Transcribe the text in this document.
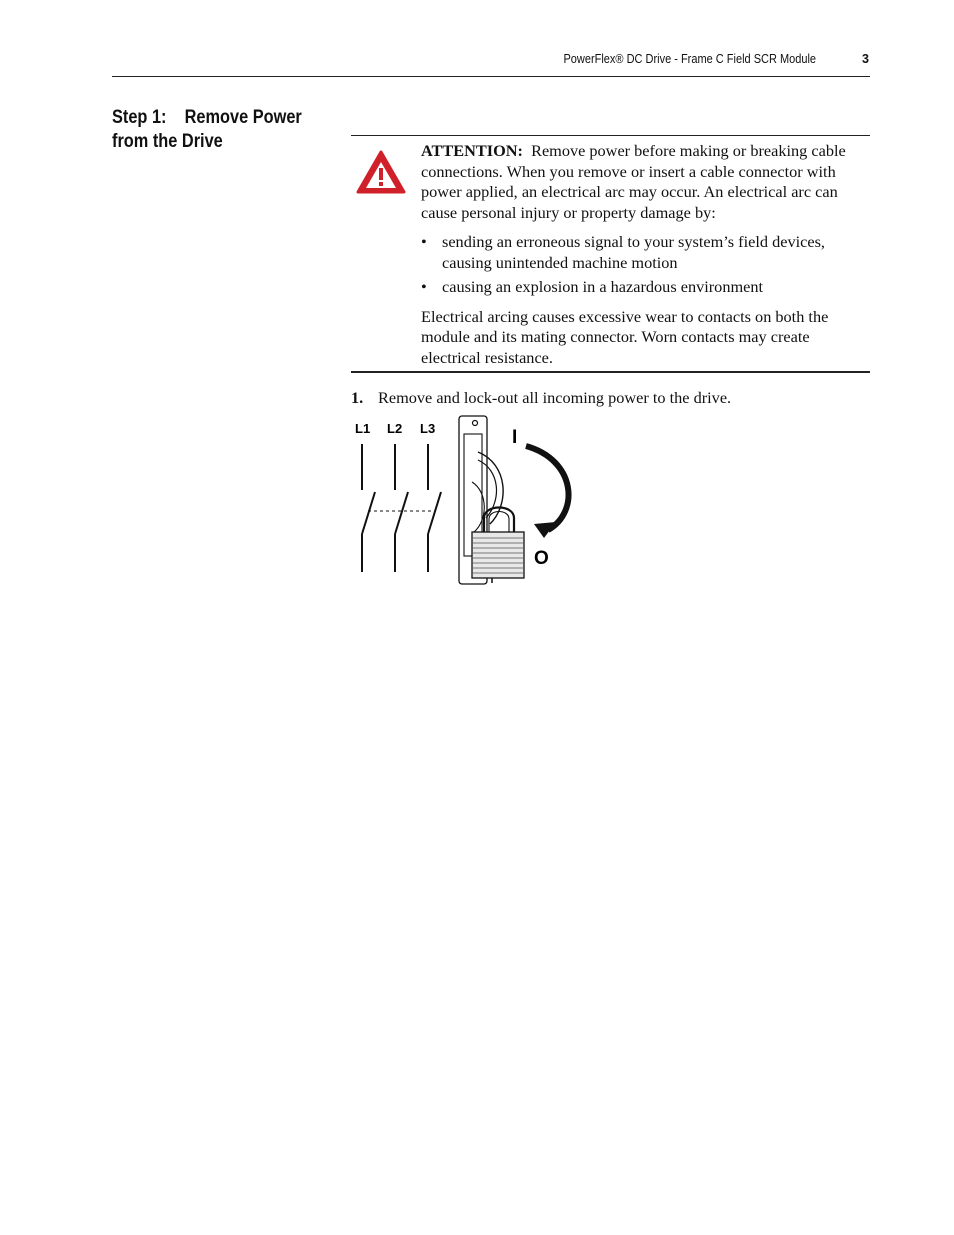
PowerFlex® DC Drive - Frame C Field SCR Module	3
Step 1:    Remove Power
from the Drive	ATTENTION: Remove power before making or breaking cable connections. When you remove or insert a cable connector with power applied, an electrical arc may occur. An electrical arc can cause personal injury or property damage by:

• sending an erroneous signal to your system’s field devices, causing unintended machine motion
• causing an explosion in a hazardous environment

Electrical arcing causes excessive wear to contacts on both the module and its mating connector. Worn contacts may create electrical resistance.

1. Remove and lock-out all incoming power to the drive.
L1 L2 L3	I
O
